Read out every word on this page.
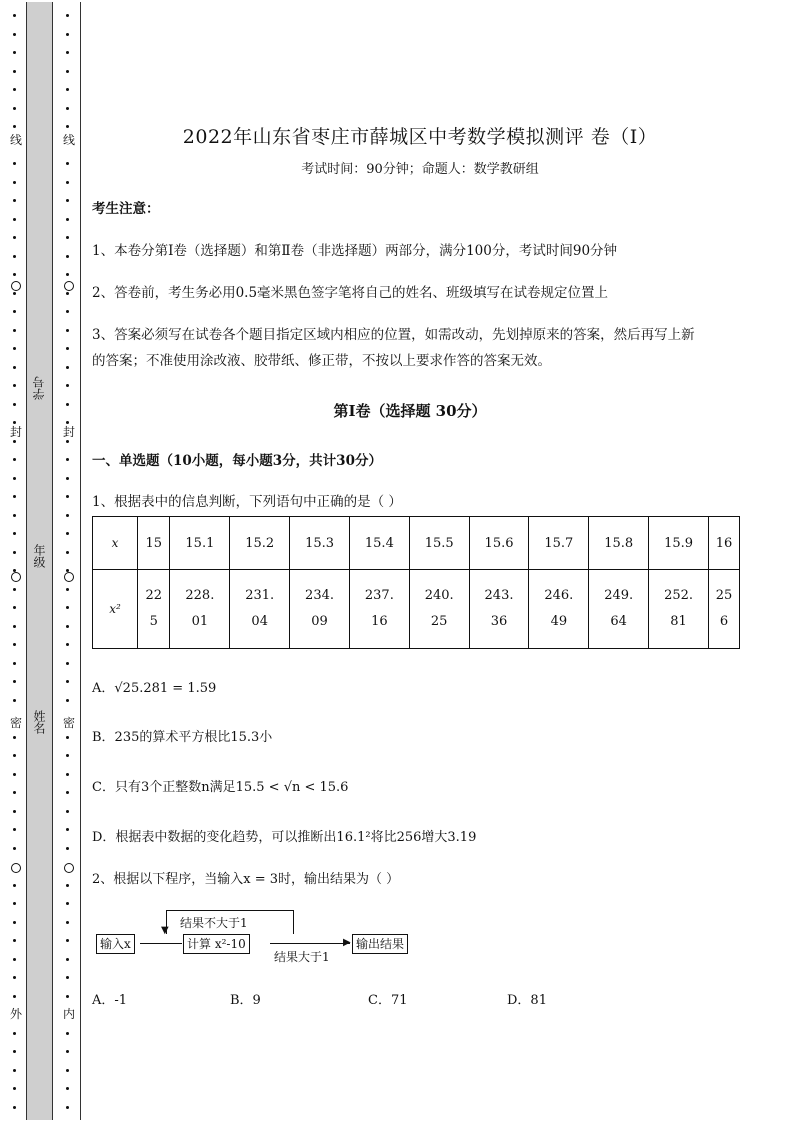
线
封
密
外
线
封
密
内
学号
年级
姓名
2022年山东省枣庄市薛城区中考数学模拟测评 卷（Ⅰ）
考试时间：90分钟；命题人：数学教研组
考生注意：
1、本卷分第I卷（选择题）和第Ⅱ卷（非选择题）两部分，满分100分，考试时间90分钟
2、答卷前，考生务必用0.5毫米黑色签字笔将自己的姓名、班级填写在试卷规定位置上
3、答案必须写在试卷各个题目指定区域内相应的位置，如需改动，先划掉原来的答案，然后再写上新
的答案；不准使用涂改液、胶带纸、修正带，不按以上要求作答的答案无效。
第Ⅰ卷（选择题 30分）
一、单选题（10小题，每小题3分，共计30分）
1、根据表中的信息判断，下列语句中正确的是（ ）
x	15	15.1	15.2	15.3	15.4	15.5	15.6	15.7	15.8	15.9	16
x²	225	228.01	231.04	234.09	237.16	240.25	243.36	246.49	249.64	252.81	256
A．√25.281 = 1.59
B．235的算术平方根比15.3小
C．只有3个正整数n满足15.5 < √n < 15.6
D．根据表中数据的变化趋势，可以推断出16.1²将比256增大3.19
2、根据以下程序，当输入x = 3时，输出结果为（ ）
输入x	计算 x²-10	▶ 输出结果
结果大于1
▼
结果不大于1
A．-1	B．9	C．71	D．81
